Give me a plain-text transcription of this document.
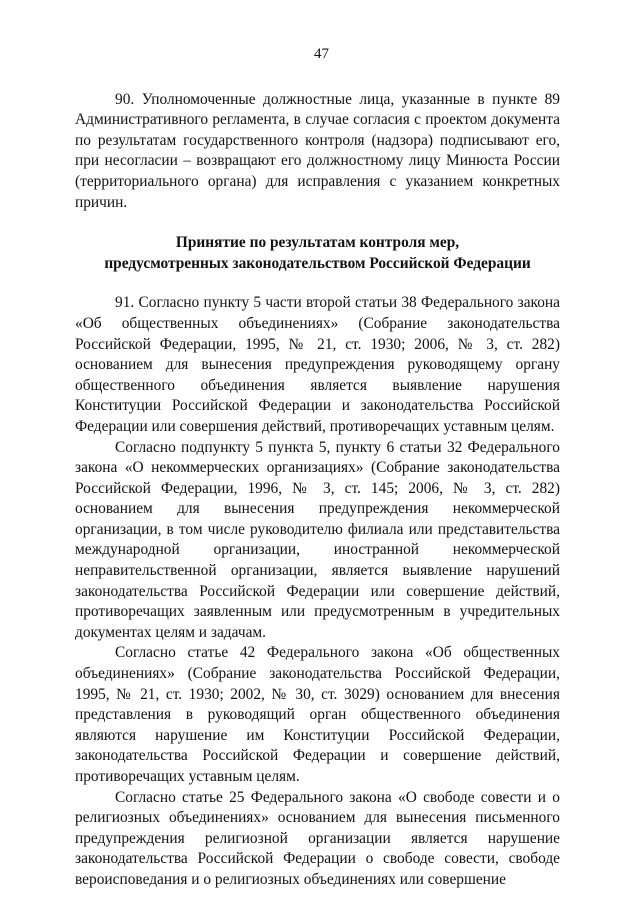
47

90. Уполномоченные должностные лица, указанные в пункте 89 Административного регламента, в случае согласия с проектом документа по результатам государственного контроля (надзора) подписывают его, при несогласии – возвращают его должностному лицу Минюста России (территориального органа) для исправления с указанием конкретных причин.

Принятие по результатам контроля мер,
предусмотренных законодательством Российской Федерации

91. Согласно пункту 5 части второй статьи 38 Федерального закона «Об общественных объединениях» (Собрание законодательства Российской Федерации, 1995, № 21, ст. 1930; 2006, № 3, ст. 282) основанием для вынесения предупреждения руководящему органу общественного объединения является выявление нарушения Конституции Российской Федерации и законодательства Российской Федерации или совершения действий, противоречащих уставным целям.

Согласно подпункту 5 пункта 5, пункту 6 статьи 32 Федерального закона «О некоммерческих организациях» (Собрание законодательства Российской Федерации, 1996, № 3, ст. 145; 2006, № 3, ст. 282) основанием для вынесения предупреждения некоммерческой организации, в том числе руководителю филиала или представительства международной организации, иностранной некоммерческой неправительственной организации, является выявление нарушений законодательства Российской Федерации или совершение действий, противоречащих заявленным или предусмотренным в учредительных документах целям и задачам.

Согласно статье 42 Федерального закона «Об общественных объединениях» (Собрание законодательства Российской Федерации, 1995, № 21, ст. 1930; 2002, № 30, ст. 3029) основанием для внесения представления в руководящий орган общественного объединения являются нарушение им Конституции Российской Федерации, законодательства Российской Федерации и совершение действий, противоречащих уставным целям.

Согласно статье 25 Федерального закона «О свободе совести и о религиозных объединениях» основанием для вынесения письменного предупреждения религиозной организации является нарушение законодательства Российской Федерации о свободе совести, свободе вероисповедания и о религиозных объединениях или совершение
